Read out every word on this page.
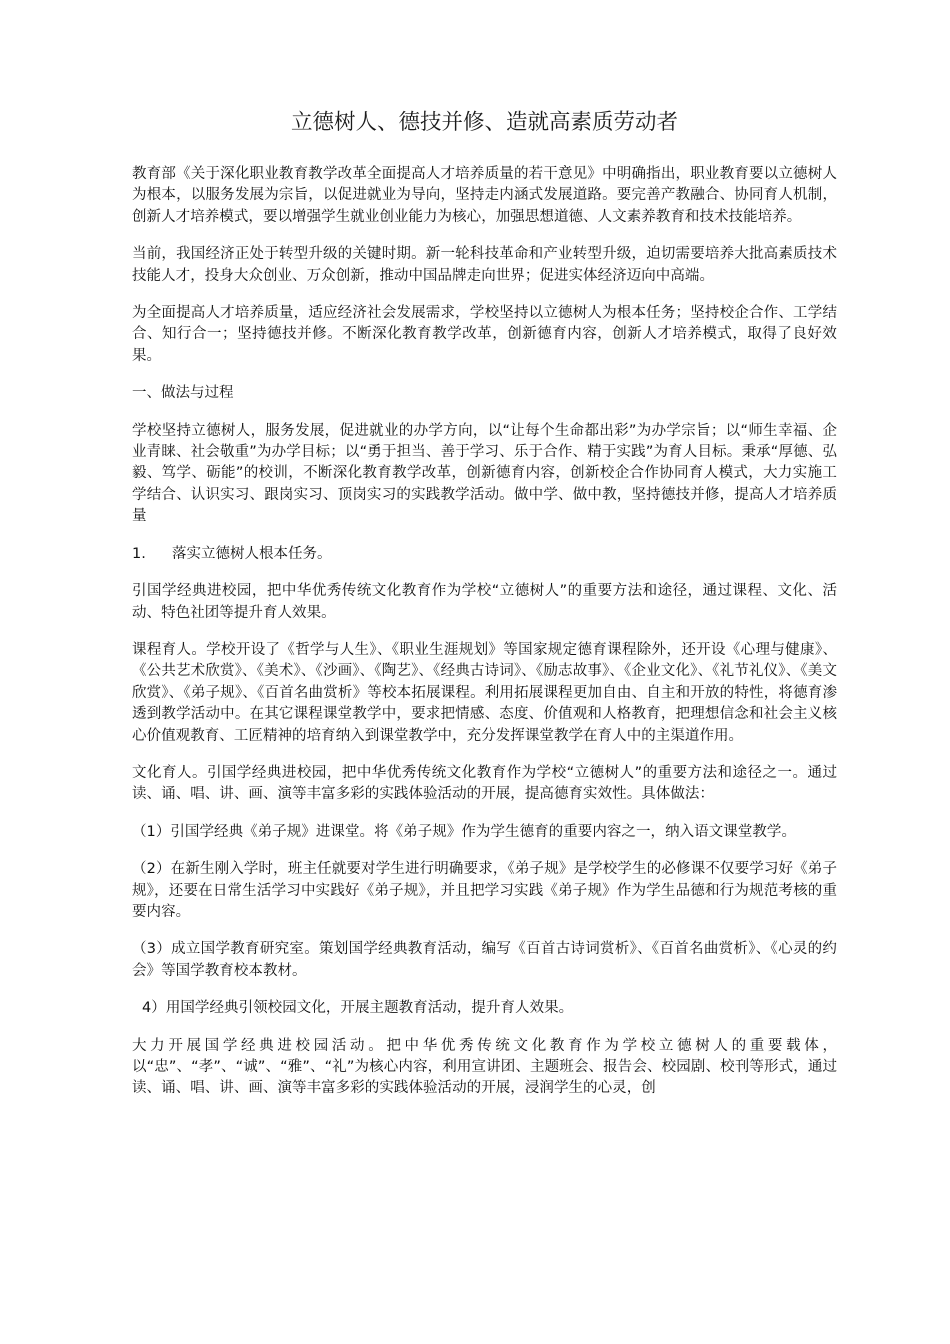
立德树人、德技并修、造就高素质劳动者

教育部《关于深化职业教育教学改革全面提高人才培养质量的若干意见》中明确指出，职业教育要以立德树人为根本，以服务发展为宗旨，以促进就业为导向，坚持走内涵式发展道路。要完善产教融合、协同育人机制，创新人才培养模式，要以增强学生就业创业能力为核心，加强思想道德、人文素养教育和技术技能培养。

当前，我国经济正处于转型升级的关键时期。新一轮科技革命和产业转型升级，迫切需要培养大批高素质技术技能人才，投身大众创业、万众创新，推动中国品牌走向世界；促进实体经济迈向中高端。

为全面提高人才培养质量，适应经济社会发展需求，学校坚持以立德树人为根本任务；坚持校企合作、工学结合、知行合一；坚持德技并修。不断深化教育教学改革，创新德育内容，创新人才培养模式，取得了良好效果。

一、做法与过程

学校坚持立德树人，服务发展，促进就业的办学方向，以“让每个生命都出彩”为办学宗旨；以“师生幸福、企业青睐、社会敬重”为办学目标；以“勇于担当、善于学习、乐于合作、精于实践”为育人目标。秉承“厚德、弘毅、笃学、砺能”的校训，不断深化教育教学改革，创新德育内容，创新校企合作协同育人模式，大力实施工学结合、认识实习、跟岗实习、顶岗实习的实践教学活动。做中学、做中教，坚持德技并修，提高人才培养质量

1. 落实立德树人根本任务。

引国学经典进校园，把中华优秀传统文化教育作为学校“立德树人”的重要方法和途径，通过课程、文化、活动、特色社团等提升育人效果。

课程育人。学校开设了《哲学与人生》、《职业生涯规划》等国家规定德育课程除外，还开设《心理与健康》、《公共艺术欣赏》、《美术》、《沙画》、《陶艺》、《经典古诗词》、《励志故事》、《企业文化》、《礼节礼仪》、《美文欣赏》、《弟子规》、《百首名曲赏析》等校本拓展课程。利用拓展课程更加自由、自主和开放的特性，将德育渗透到教学活动中。在其它课程课堂教学中，要求把情感、态度、价值观和人格教育，把理想信念和社会主义核心价值观教育、工匠精神的培育纳入到课堂教学中，充分发挥课堂教学在育人中的主渠道作用。

文化育人。引国学经典进校园，把中华优秀传统文化教育作为学校“立德树人”的重要方法和途径之一。通过读、诵、唱、讲、画、演等丰富多彩的实践体验活动的开展，提高德育实效性。具体做法：

（1）引国学经典《弟子规》进课堂。将《弟子规》作为学生德育的重要内容之一，纳入语文课堂教学。

（2）在新生刚入学时，班主任就要对学生进行明确要求，《弟子规》是学校学生的必修课不仅要学习好《弟子规》，还要在日常生活学习中实践好《弟子规》，并且把学习实践《弟子规》作为学生品德和行为规范考核的重要内容。

（3）成立国学教育研究室。策划国学经典教育活动，编写《百首古诗词赏析》、《百首名曲赏析》、《心灵的约会》等国学教育校本教材。

4）用国学经典引领校园文化，开展主题教育活动，提升育人效果。

大力开展国学经典进校园活动。把中华优秀传统文化教育作为学校立德树人的重要载体，以“忠”、“孝”、“诚”、“雅”、“礼”为核心内容，利用宣讲团、主题班会、报告会、校园剧、校刊等形式，通过读、诵、唱、讲、画、演等丰富多彩的实践体验活动的开展，浸润学生的心灵，创
